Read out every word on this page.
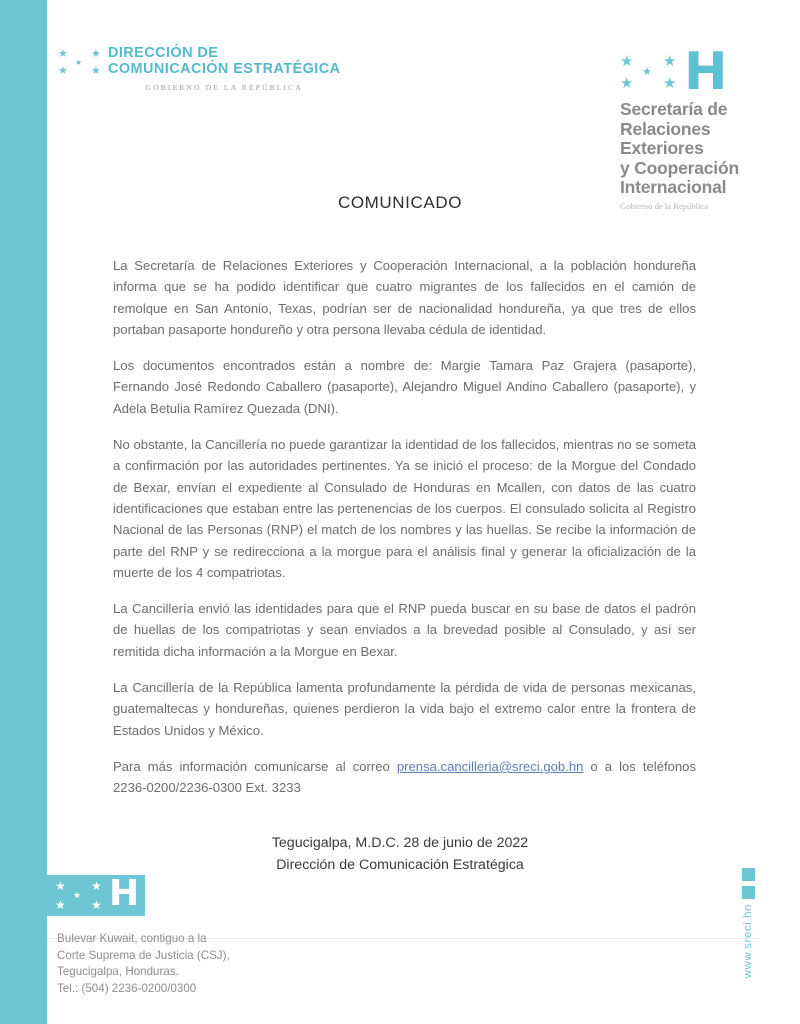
★
★
★
★
★
DIRECCIÓN DE
COMUNICACIÓN ESTRATÉGICA
GOBIERNO DE LA REPÚBLICA
★
★
★
★
★ H
Secretaría de
Relaciones
Exteriores
y Cooperación
Internacional
Gobierno de la República
COMUNICADO

La Secretaría de Relaciones Exteriores y Cooperación Internacional, a la población hondureña informa que se ha podido identificar que cuatro migrantes de los fallecidos en el camión de remolque en San Antonio, Texas, podrían ser de nacionalidad hondureña, ya que tres de ellos portaban pasaporte hondureño y otra persona llevaba cédula de identidad.

Los documentos encontrados están a nombre de: Margie Tamara Paz Grajera (pasaporte), Fernando José Redondo Caballero (pasaporte), Alejandro Miguel Andino Caballero (pasaporte), y Adela Betulia Ramírez Quezada (DNI).

No obstante, la Cancillería no puede garantizar la identidad de los fallecidos, mientras no se someta a confirmación por las autoridades pertinentes. Ya se inició el proceso: de la Morgue del Condado de Bexar, envían el expediente al Consulado de Honduras en Mcallen, con datos de las cuatro identificaciones que estaban entre las pertenencias de los cuerpos. El consulado solicita al Registro Nacional de las Personas (RNP) el match de los nombres y las huellas. Se recibe la información de parte del RNP y se redirecciona a la morgue para el análisis final y generar la oficialización de la muerte de los 4 compatriotas.

La Cancillería envió las identidades para que el RNP pueda buscar en su base de datos el padrón de huellas de los compatriotas y sean enviados a la brevedad posible al Consulado, y así ser remitida dicha información a la Morgue en Bexar.

La Cancillería de la República lamenta profundamente la pérdida de vida de personas mexicanas, guatemaltecas y hondureñas, quienes perdieron la vida bajo el extremo calor entre la frontera de Estados Unidos y México.

Para más información comunicarse al correo prensa.cancilleria@sreci.gob.hn o a los teléfonos 2236-0200/2236-0300 Ext. 3233

Tegucigalpa, M.D.C. 28 de junio de 2022
Dirección de Comunicación Estratégica
★
★
★
★
★ H
Bulevar Kuwait, contiguo a la
Corte Suprema de Justicia (CSJ),
Tegucigalpa, Honduras.
Tel.: (504) 2236-0200/0300
www.sreci.hn
